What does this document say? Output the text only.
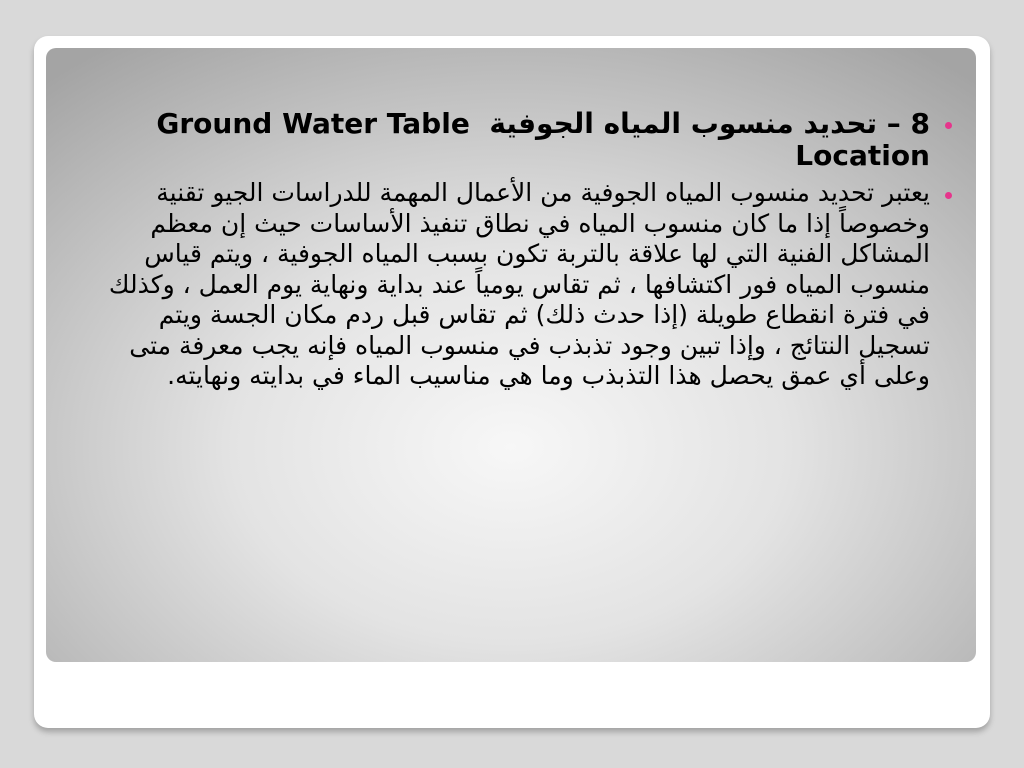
8 – تحديد منسوب المياه الجوفية  Ground Water Table Location
يعتبر تحديد منسوب المياه الجوفية من الأعمال المهمة للدراسات الجيو تقنية وخصوصاً إذا ما كان منسوب المياه في نطاق تنفيذ الأساسات حيث إن معظم المشاكل الفنية التي لها علاقة بالتربة تكون بسبب المياه الجوفية ، ويتم قياس منسوب المياه فور اكتشافها ، ثم تقاس يومياً عند بداية ونهاية يوم العمل ، وكذلك في فترة انقطاع طويلة (إذا حدث ذلك) ثم تقاس قبل ردم مكان الجسة ويتم تسجيل النتائج ، وإذا تبين وجود تذبذب في منسوب المياه فإنه يجب معرفة متى وعلى أي عمق يحصل هذا التذبذب وما هي مناسيب الماء في بدايته ونهايته.
